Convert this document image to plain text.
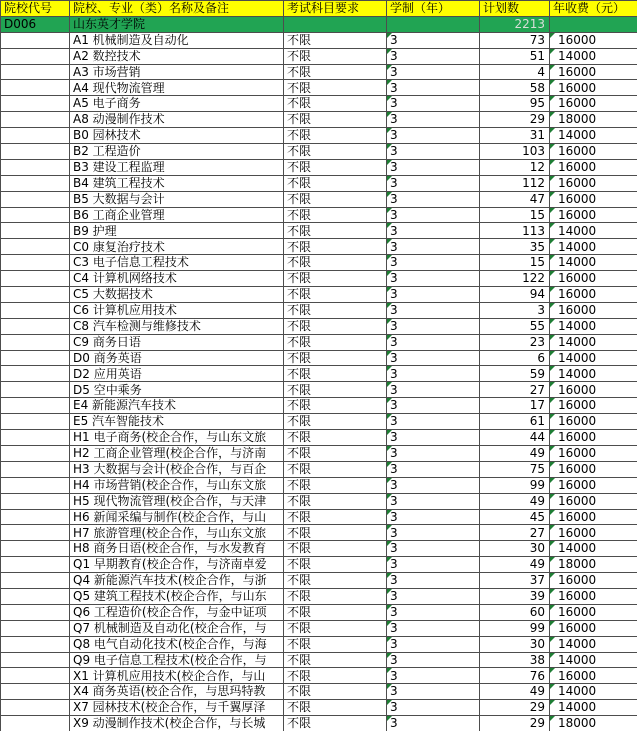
院校代号	院校、专业（类）名称及备注	考试科目要求	学制（年）	计划数	年收费（元）
D006	山东英才学院			2213	
	A1 机械制造及自动化	不限	3	73	16000
	A2 数控技术	不限	3	51	14000
	A3 市场营销	不限	3	4	16000
	A4 现代物流管理	不限	3	58	16000
	A5 电子商务	不限	3	95	16000
	A8 动漫制作技术	不限	3	29	18000
	B0 园林技术	不限	3	31	14000
	B2 工程造价	不限	3	103	16000
	B3 建设工程监理	不限	3	12	16000
	B4 建筑工程技术	不限	3	112	16000
	B5 大数据与会计	不限	3	47	16000
	B6 工商企业管理	不限	3	15	16000
	B9 护理	不限	3	113	14000
	C0 康复治疗技术	不限	3	35	14000
	C3 电子信息工程技术	不限	3	15	14000
	C4 计算机网络技术	不限	3	122	16000
	C5 大数据技术	不限	3	94	16000
	C6 计算机应用技术	不限	3	3	16000
	C8 汽车检测与维修技术	不限	3	55	14000
	C9 商务日语	不限	3	23	14000
	D0 商务英语	不限	3	6	14000
	D2 应用英语	不限	3	59	14000
	D5 空中乘务	不限	3	27	16000
	E4 新能源汽车技术	不限	3	17	16000
	E5 汽车智能技术	不限	3	61	16000
	H1 电子商务(校企合作，与山东文旅	不限	3	44	16000
	H2 工商企业管理(校企合作，与济南	不限	3	49	16000
	H3 大数据与会计(校企合作，与百企	不限	3	75	16000
	H4 市场营销(校企合作，与山东文旅	不限	3	99	16000
	H5 现代物流管理(校企合作，与天津	不限	3	49	16000
	H6 新闻采编与制作(校企合作，与山	不限	3	45	16000
	H7 旅游管理(校企合作，与山东文旅	不限	3	27	16000
	H8 商务日语(校企合作，与水发教育	不限	3	30	14000
	Q1 早期教育(校企合作，与济南卓爱	不限	3	49	18000
	Q4 新能源汽车技术(校企合作，与浙	不限	3	37	16000
	Q5 建筑工程技术(校企合作，与山东	不限	3	39	16000
	Q6 工程造价(校企合作，与金中证项	不限	3	60	16000
	Q7 机械制造及自动化(校企合作，与	不限	3	99	16000
	Q8 电气自动化技术(校企合作，与海	不限	3	30	14000
	Q9 电子信息工程技术(校企合作，与	不限	3	38	14000
	X1 计算机应用技术(校企合作，与山	不限	3	76	16000
	X4 商务英语(校企合作，与思玛特教	不限	3	49	14000
	X7 园林技术(校企合作，与千翼厚泽	不限	3	29	14000
	X9 动漫制作技术(校企合作，与长城	不限	3	29	18000
